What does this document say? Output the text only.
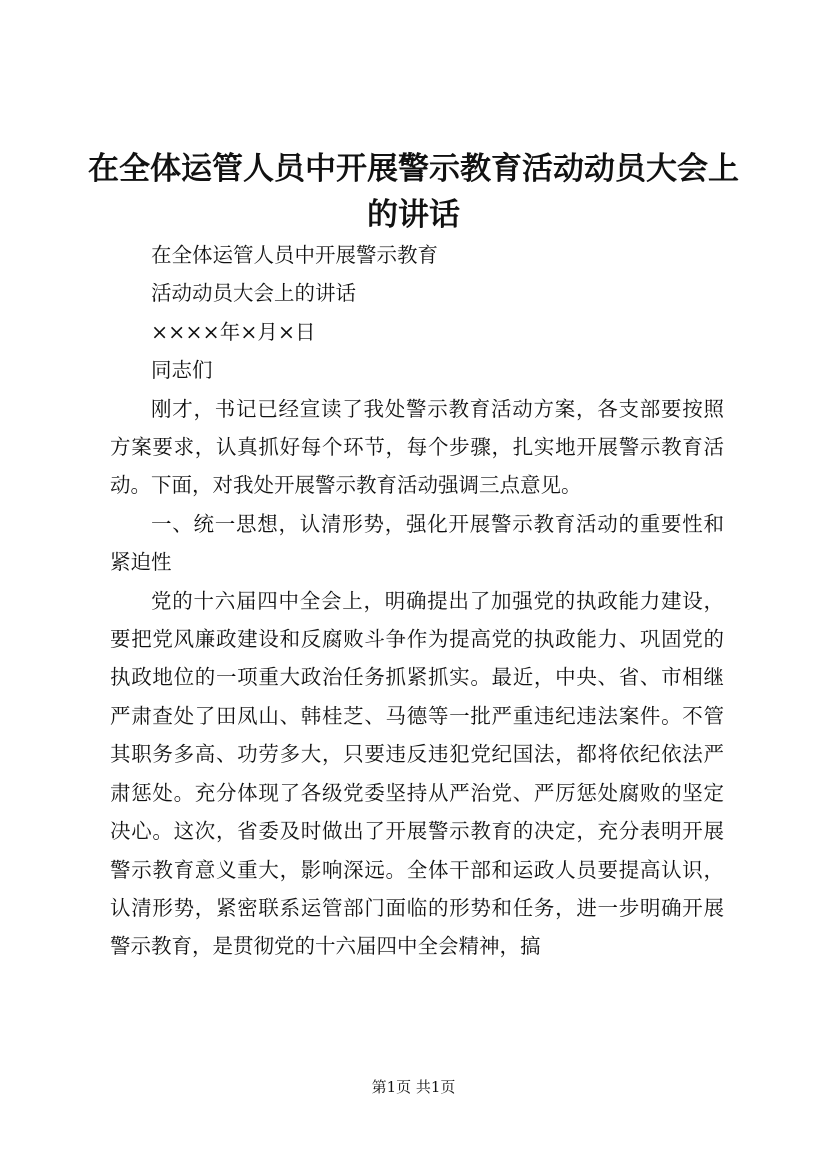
在全体运管人员中开展警示教育活动动员大会上的讲话

在全体运管人员中开展警示教育

活动动员大会上的讲话

××××年×月×日

同志们

刚才，书记已经宣读了我处警示教育活动方案，各支部要按照方案要求，认真抓好每个环节，每个步骤，扎实地开展警示教育活动。下面，对我处开展警示教育活动强调三点意见。

一、统一思想，认清形势，强化开展警示教育活动的重要性和紧迫性

党的十六届四中全会上，明确提出了加强党的执政能力建设，要把党风廉政建设和反腐败斗争作为提高党的执政能力、巩固党的执政地位的一项重大政治任务抓紧抓实。最近，中央、省、市相继严肃查处了田凤山、韩桂芝、马德等一批严重违纪违法案件。不管其职务多高、功劳多大，只要违反违犯党纪国法，都将依纪依法严肃惩处。充分体现了各级党委坚持从严治党、严厉惩处腐败的坚定决心。这次，省委及时做出了开展警示教育的决定，充分表明开展警示教育意义重大，影响深远。全体干部和运政人员要提高认识，认清形势，紧密联系运管部门面临的形势和任务，进一步明确开展警示教育，是贯彻党的十六届四中全会精神，搞

第1页 共1页
